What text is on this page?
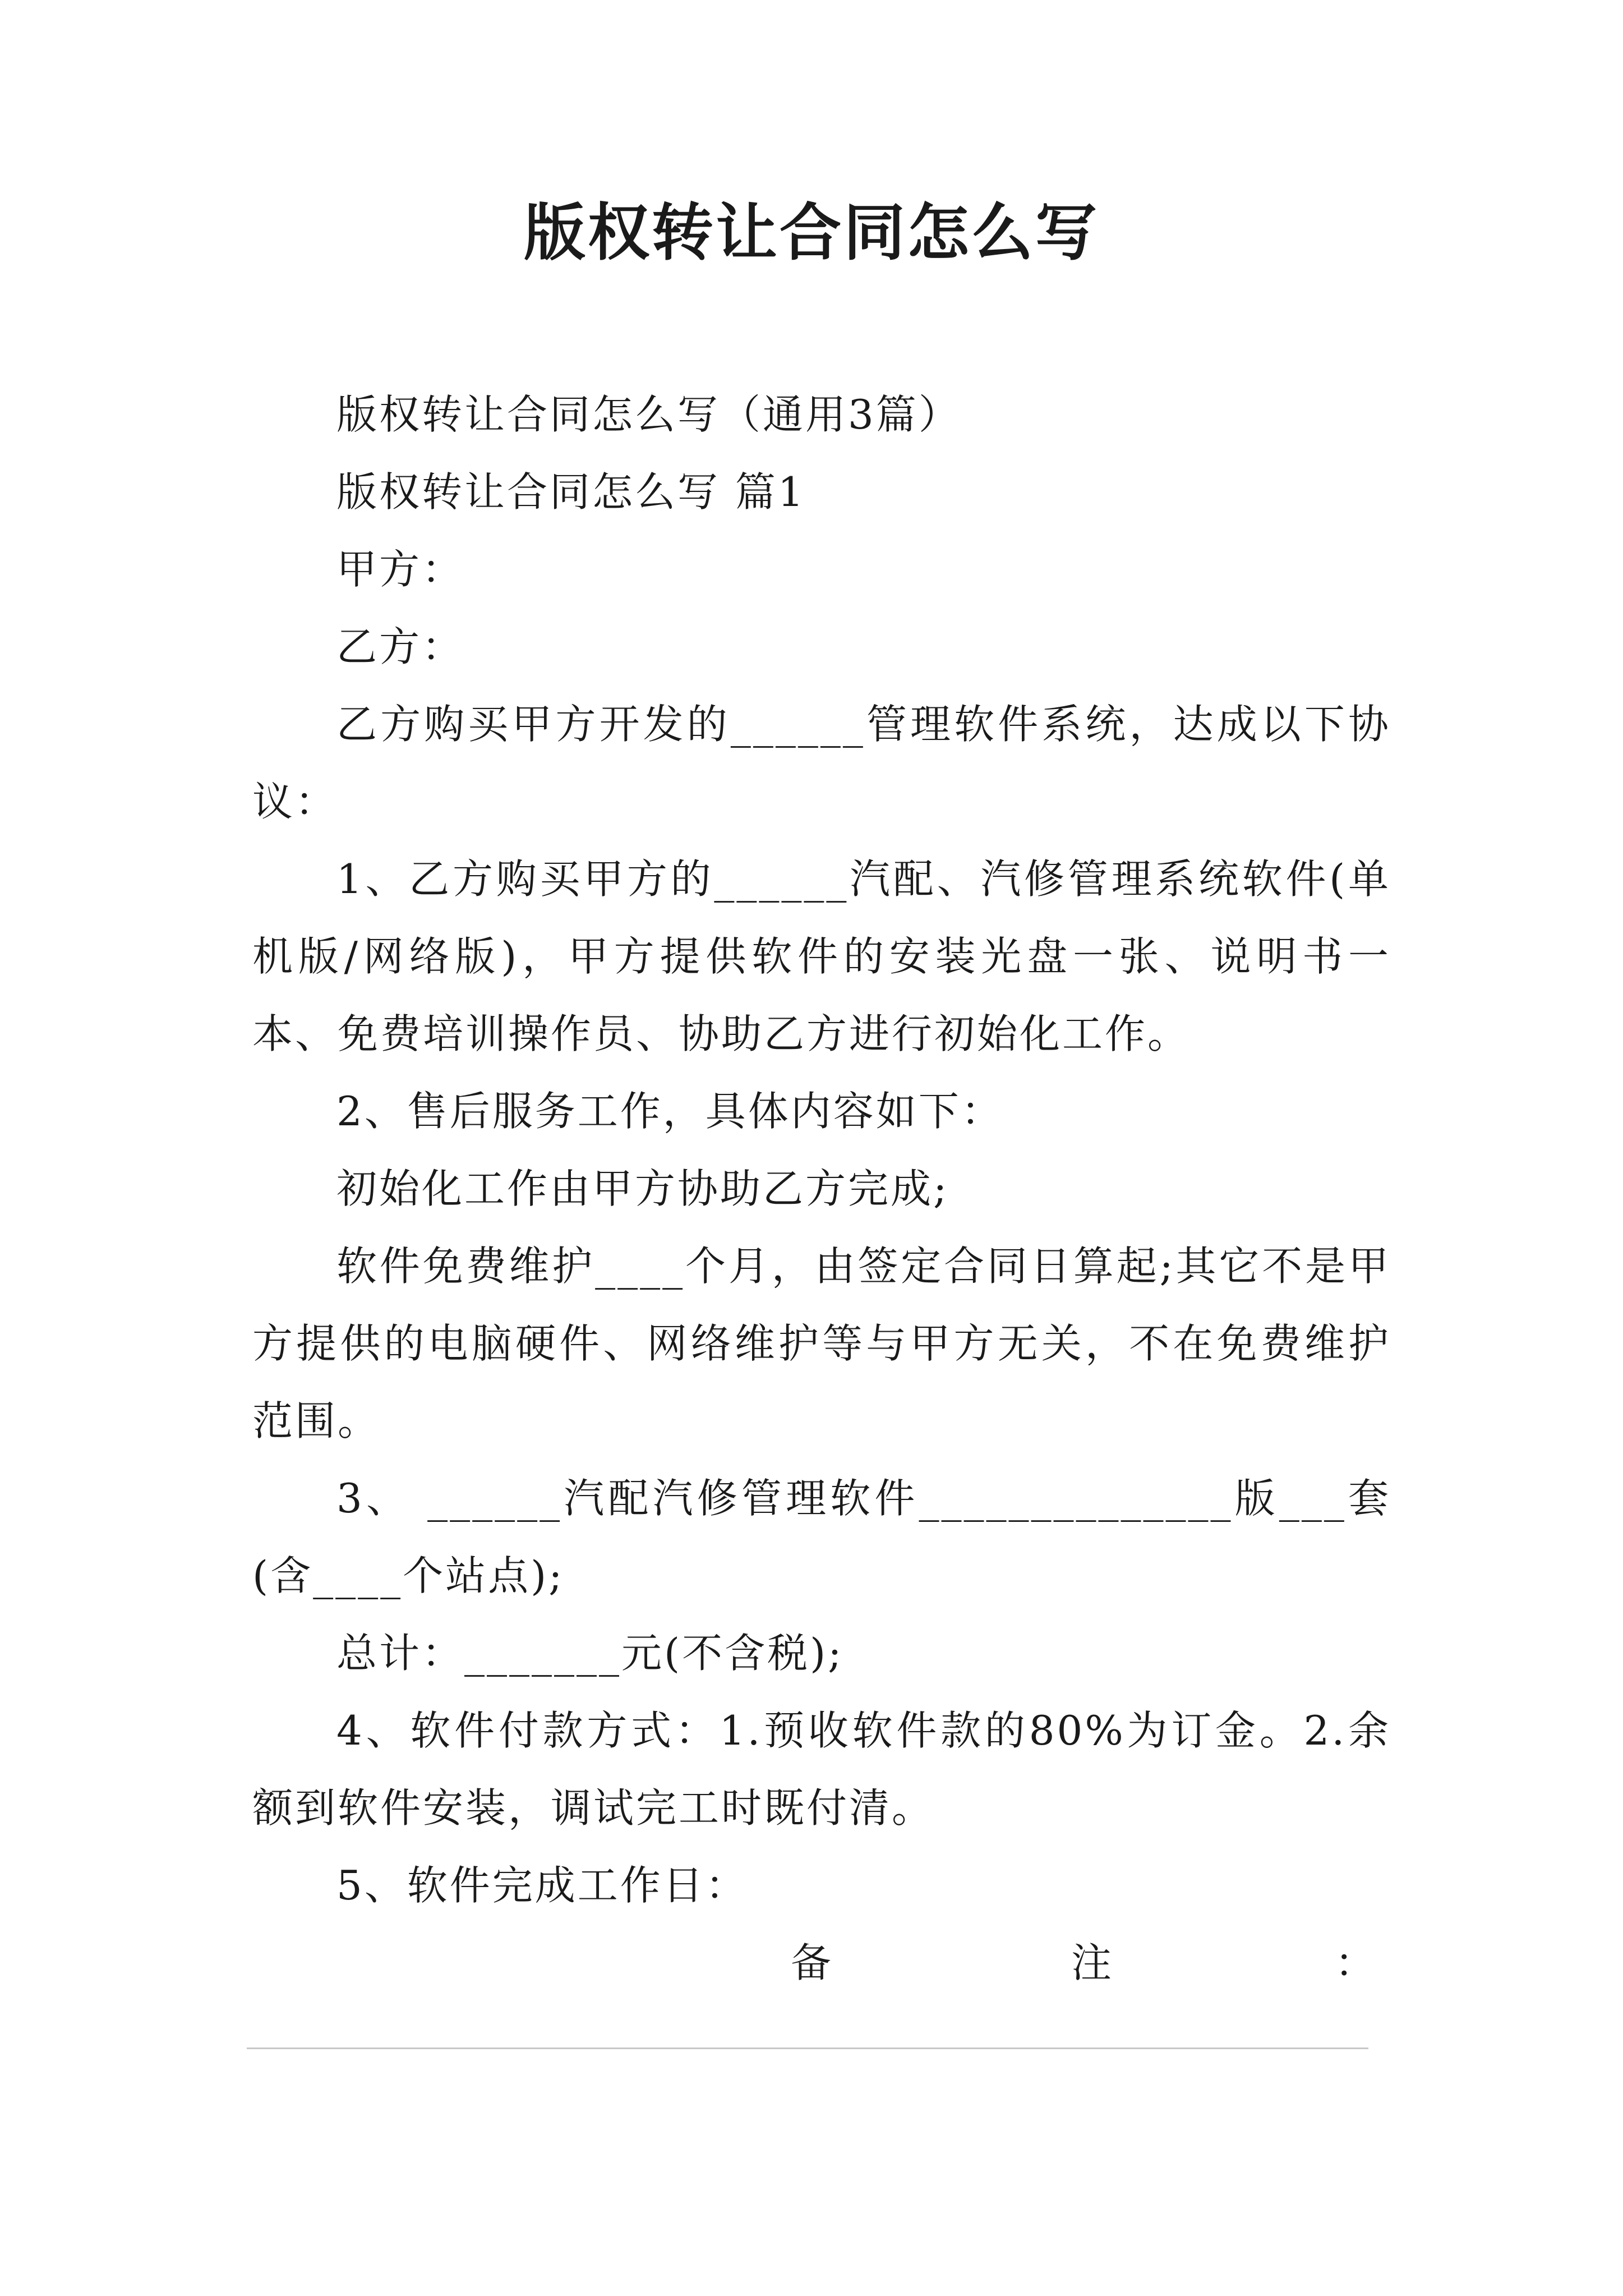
版权转让合同怎么写

版权转让合同怎么写（通用3篇）

版权转让合同怎么写 篇1

甲方：

乙方：

乙方购买甲方开发的______管理软件系统，达成以下协议：

1、乙方购买甲方的______汽配、汽修管理系统软件(单机版/网络版)，甲方提供软件的安装光盘一张、说明书一本、免费培训操作员、协助乙方进行初始化工作。

2、售后服务工作，具体内容如下：

初始化工作由甲方协助乙方完成;

软件免费维护____个月，由签定合同日算起;其它不是甲方提供的电脑硬件、网络维护等与甲方无关，不在免费维护范围。

3、 ______汽配汽修管理软件______________版___套(含____个站点);

总计：_______元(不含税);

4、软件付款方式：1.预收软件款的80%为订金。2.余额到软件安装，调试完工时既付清。

5、软件完成工作日：

备	注	：
